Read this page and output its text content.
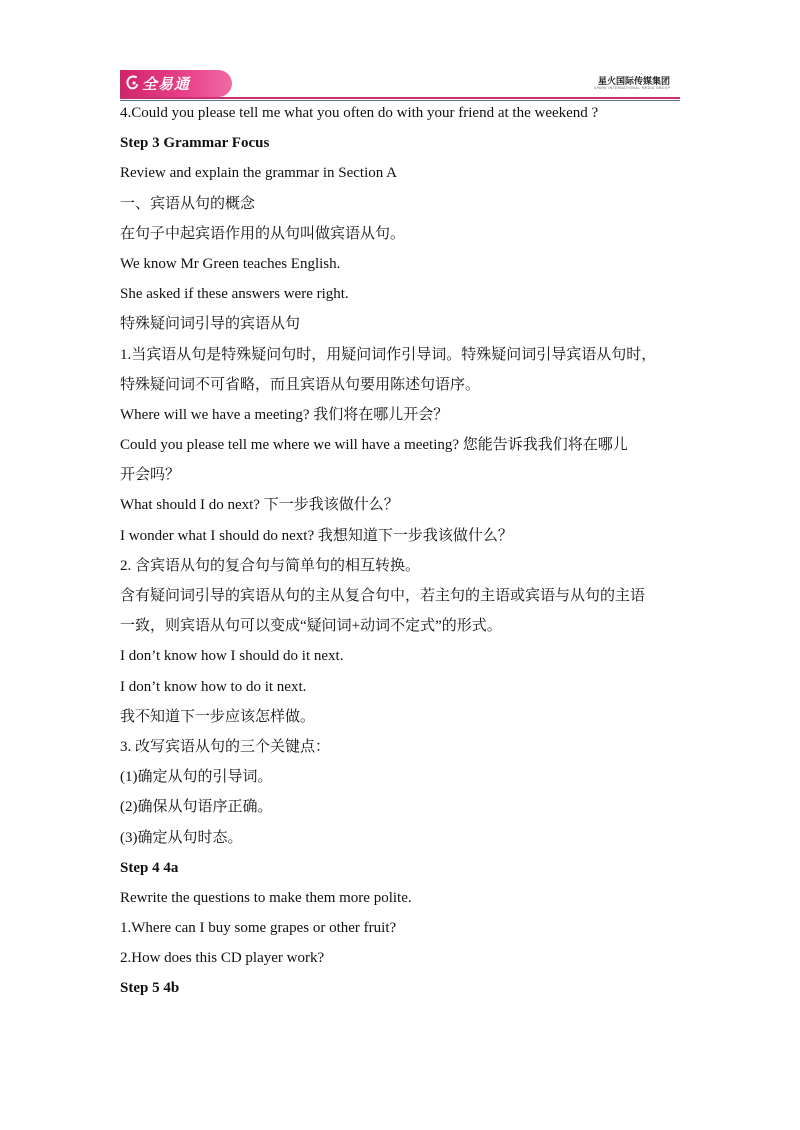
全易通	星火国际传媒集团
SPARK INTERNATIONAL MEDIA GROUP
4.Could you please tell me what you often do with your friend at the weekend ?
Step 3 Grammar Focus
Review and explain the grammar in Section A
一、宾语从句的概念
在句子中起宾语作用的从句叫做宾语从句。
We know Mr Green teaches English.
She asked if these answers were right.
特殊疑问词引导的宾语从句
1.当宾语从句是特殊疑问句时，用疑问词作引导词。特殊疑问词引导宾语从句时，
特殊疑问词不可省略，而且宾语从句要用陈述句语序。
Where will we have a meeting? 我们将在哪儿开会？
Could you please tell me where we will have a meeting? 您能告诉我我们将在哪儿
开会吗？
What should I do next? 下一步我该做什么？
I wonder what I should do next? 我想知道下一步我该做什么？
2. 含宾语从句的复合句与简单句的相互转换。
含有疑问词引导的宾语从句的主从复合句中，若主句的主语或宾语与从句的主语
一致，则宾语从句可以变成“疑问词+动词不定式”的形式。
I don’t know how I should do it next.
I don’t know how to do it next.
我不知道下一步应该怎样做。
3. 改写宾语从句的三个关键点：
(1)确定从句的引导词。
(2)确保从句语序正确。
(3)确定从句时态。
Step 4 4a
Rewrite the questions to make them more polite.
1.Where can I buy some grapes or other fruit?
2.How does this CD player work?
Step 5 4b
